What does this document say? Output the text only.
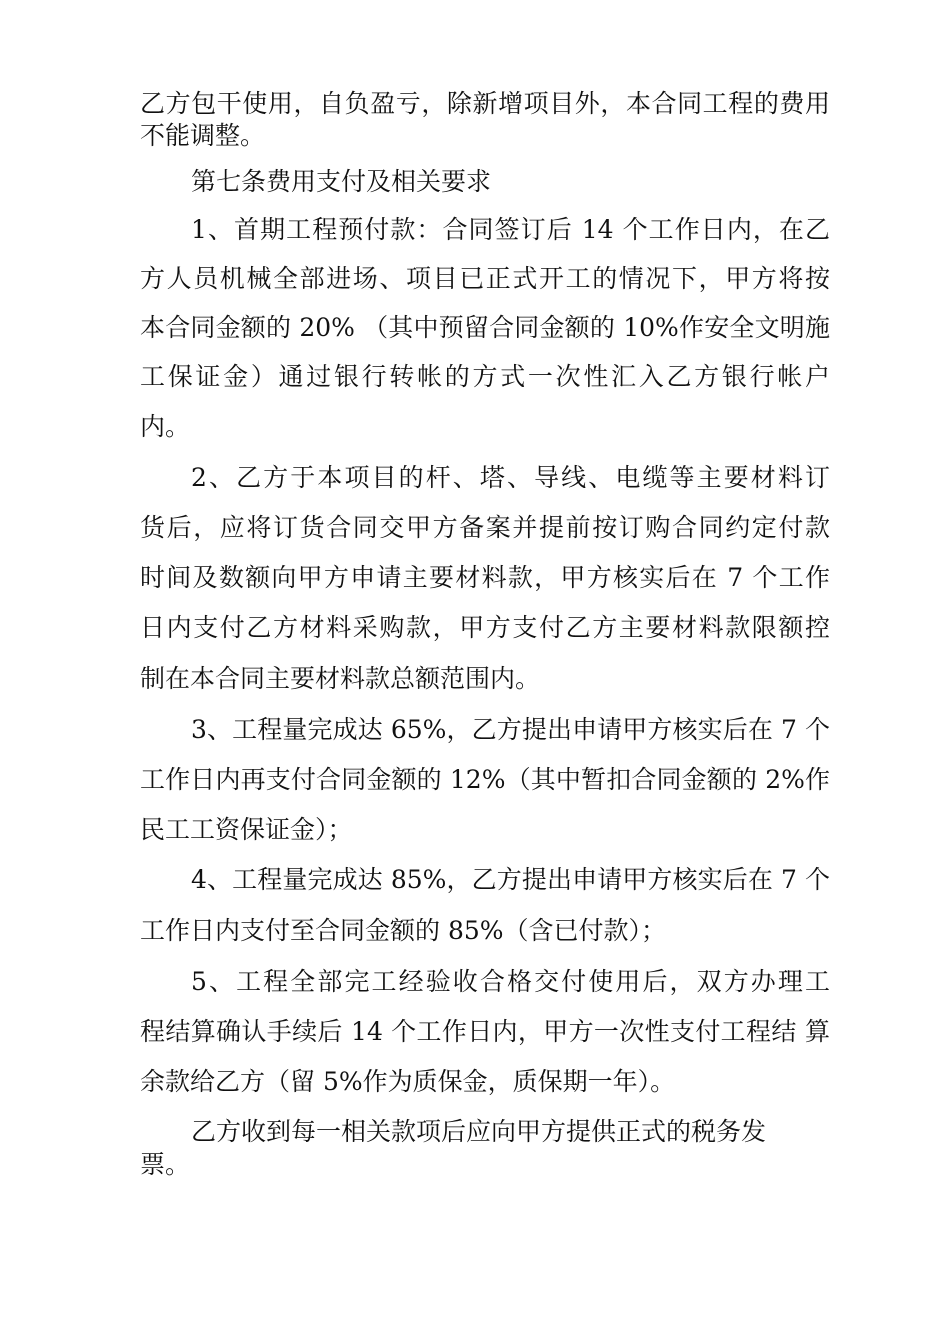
乙方包干使用，自负盈亏，除新增项目外，本合同工程的费用
不能调整。
第七条费用支付及相关要求
1、首期工程预付款：合同签订后 14 个工作日内，在乙
方人员机械全部进场、项目已正式开工的情况下，甲方将按
本合同金额的 20% （其中预留合同金额的 10%作安全文明施
工保证金）通过银行转帐的方式一次性汇入乙方银行帐户
内。
2、乙方于本项目的杆、塔、导线、电缆等主要材料订
货后，应将订货合同交甲方备案并提前按订购合同约定付款
时间及数额向甲方申请主要材料款，甲方核实后在 7 个工作
日内支付乙方材料采购款，甲方支付乙方主要材料款限额控
制在本合同主要材料款总额范围内。
3、工程量完成达 65%，乙方提出申请甲方核实后在 7 个
工作日内再支付合同金额的 12%（其中暂扣合同金额的 2%作
民工工资保证金）；
4、工程量完成达 85%，乙方提出申请甲方核实后在 7 个
工作日内支付至合同金额的 85%（含已付款）；
5、工程全部完工经验收合格交付使用后，双方办理工
程结算确认手续后 14 个工作日内，甲方一次性支付工程结 算
余款给乙方（留 5%作为质保金，质保期一年）。
乙方收到每一相关款项后应向甲方提供正式的税务发
票。
